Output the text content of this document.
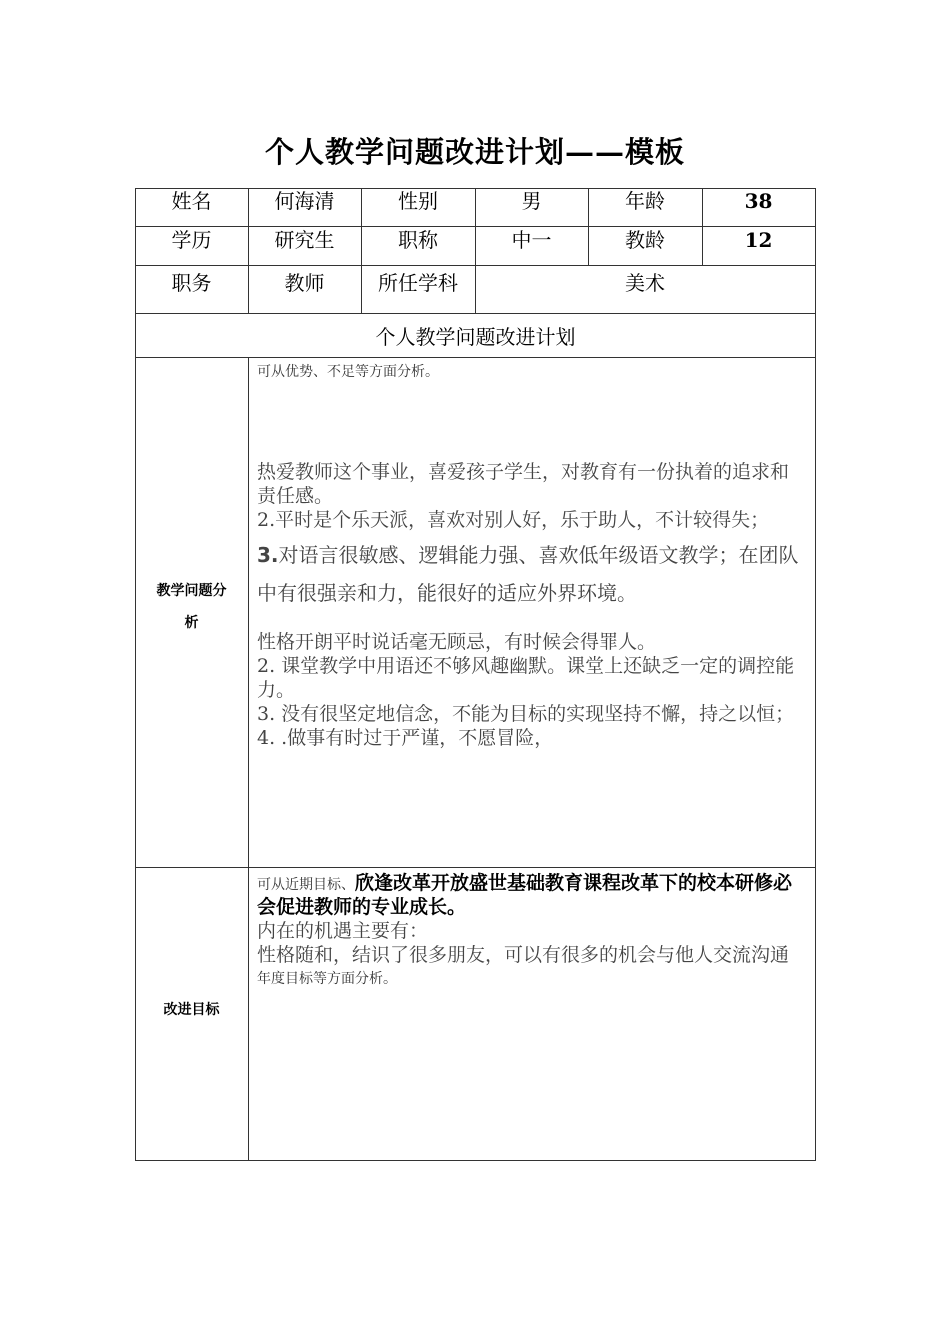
个人教学问题改进计划——模板
姓名	何海清	性别	男	年龄	38
学历	研究生	职称	中一	教龄	12
职务	教师	所任学科	美术
个人教学问题改进计划
教学问题分
析
可从优势、不足等方面分析。
热爱教师这个事业，喜爱孩子学生，对教育有一份执着的追求和责任感。
2.平时是个乐天派，喜欢对别人好，乐于助人，不计较得失；
3.对语言很敏感、逻辑能力强、喜欢低年级语文教学；在团队中有很强亲和力，能很好的适应外界环境。
性格开朗平时说话毫无顾忌，有时候会得罪人。
2. 课堂教学中用语还不够风趣幽默。课堂上还缺乏一定的调控能力。
3. 没有很坚定地信念，不能为目标的实现坚持不懈，持之以恒；
4. .做事有时过于严谨，不愿冒险，
改进目标
可从近期目标、欣逢改革开放盛世基础教育课程改革下的校本研修必会促进教师的专业成长。
内在的机遇主要有：
性格随和，结识了很多朋友，可以有很多的机会与他人交流沟通
年度目标等方面分析。
